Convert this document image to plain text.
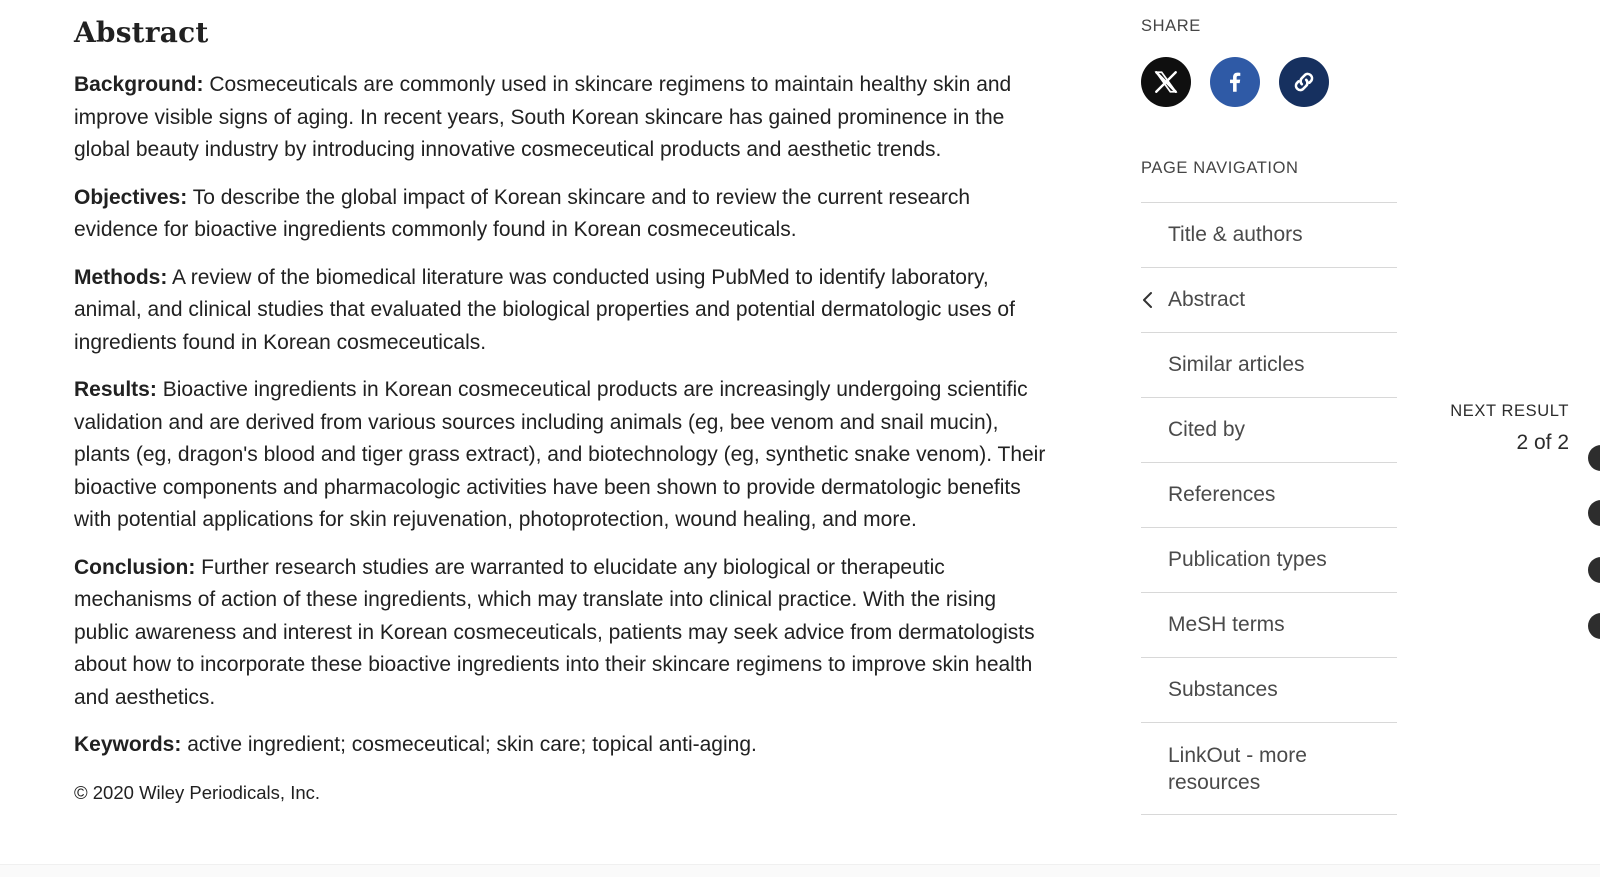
Abstract

Background: Cosmeceuticals are commonly used in skincare regimens to maintain healthy skin and improve visible signs of aging. In recent years, South Korean skincare has gained prominence in the global beauty industry by introducing innovative cosmeceutical products and aesthetic trends.

Objectives: To describe the global impact of Korean skincare and to review the current research evidence for bioactive ingredients commonly found in Korean cosmeceuticals.

Methods: A review of the biomedical literature was conducted using PubMed to identify laboratory, animal, and clinical studies that evaluated the biological properties and potential dermatologic uses of ingredients found in Korean cosmeceuticals.

Results: Bioactive ingredients in Korean cosmeceutical products are increasingly undergoing scientific validation and are derived from various sources including animals (eg, bee venom and snail mucin), plants (eg, dragon's blood and tiger grass extract), and biotechnology (eg, synthetic snake venom). Their bioactive components and pharmacologic activities have been shown to provide dermatologic benefits with potential applications for skin rejuvenation, photoprotection, wound healing, and more.

Conclusion: Further research studies are warranted to elucidate any biological or therapeutic mechanisms of action of these ingredients, which may translate into clinical practice. With the rising public awareness and interest in Korean cosmeceuticals, patients may seek advice from dermatologists about how to incorporate these bioactive ingredients into their skincare regimens to improve skin health and aesthetics.

Keywords: active ingredient; cosmeceutical; skin care; topical anti-aging.

© 2020 Wiley Periodicals, Inc.
SHARE
PAGE NAVIGATION
Title & authors
Abstract
Similar articles
Cited by
References
Publication types
MeSH terms
Substances
LinkOut - more resources
NEXT RESULT
2 of 2
